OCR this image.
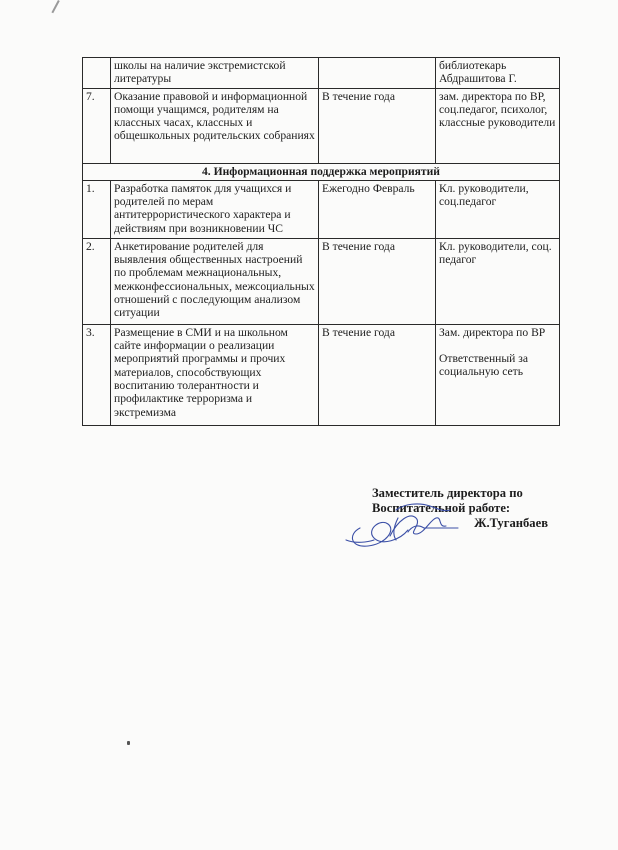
	школы на наличие экстремистской литературы		библиотекарь Абдрашитова Г.

7.	Оказание правовой и информационной помощи учащимся, родителям на классных часах, классных и общешкольных родительских собраниях	В течение года	зам. директора по ВР, соц.педагог, психолог, классные руководители

4. Информационная поддержка мероприятий			
1.	Разработка памяток для учащихся и родителей по мерам антитеррористического характера и действиям при возникновении ЧС	Ежегодно Февраль	Кл. руководители, соц.педагог

2.	Анкетирование родителей для выявления общественных настроений по проблемам межнациональных, межконфессиональных, межсоциальных отношений с последующим анализом ситуации	В течение года	Кл. руководители, соц. педагог

3.	Размещение в СМИ и на школьном сайте информации о реализации мероприятий программы и прочих материалов, способствующих воспитанию толерантности и профилактике терроризма и экстремизма	В течение года	Зам. директора по ВР
Ответственный за социальную сеть
Заместитель директора по
Воспитательной работе:
Ж.Туганбаев
